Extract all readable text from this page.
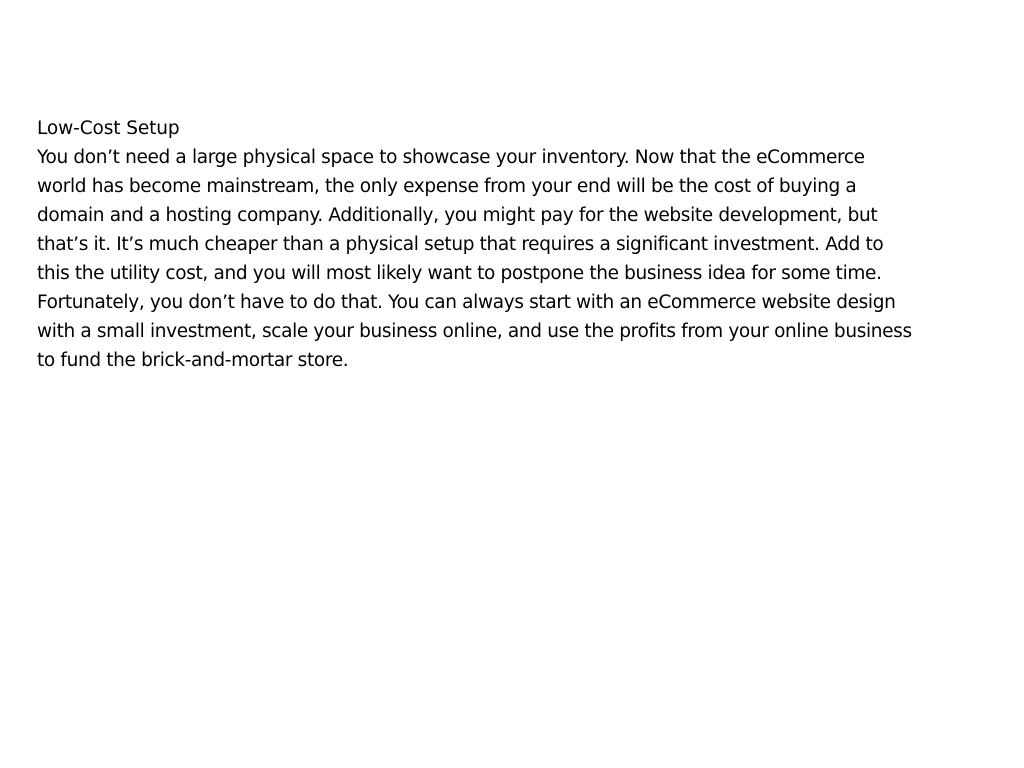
Low-Cost Setup

You don’t need a large physical space to showcase your inventory. Now that the eCommerce
world has become mainstream, the only expense from your end will be the cost of buying a
domain and a hosting company. Additionally, you might pay for the website development, but
that’s it. It’s much cheaper than a physical setup that requires a significant investment. Add to
this the utility cost, and you will most likely want to postpone the business idea for some time.
Fortunately, you don’t have to do that. You can always start with an eCommerce website design
with a small investment, scale your business online, and use the profits from your online business
to fund the brick-and-mortar store.
